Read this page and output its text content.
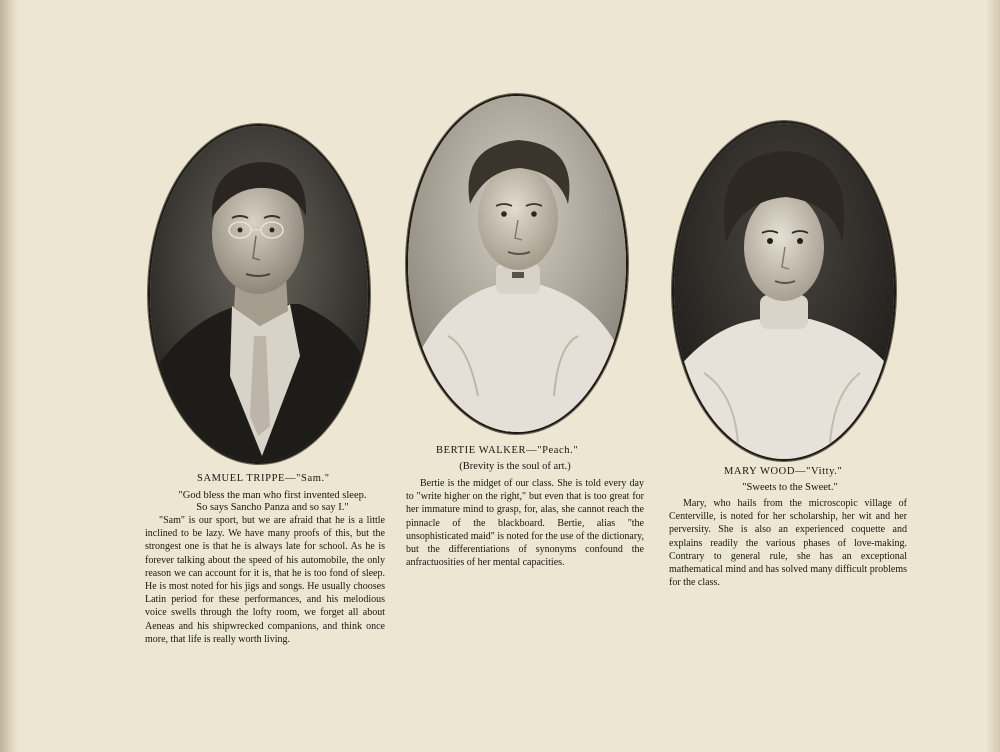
SAMUEL TRIPPE—"Sam."
"God bless the man who first invented sleep.
So says Sancho Panza and so say I."

"Sam" is our sport, but we are afraid that he is a little inclined to be lazy. We have many proofs of this, but the strongest one is that he is always late for school. As he is forever talking about the speed of his automobile, the only reason we can account for it is, that he is too fond of sleep. He is most noted for his jigs and songs. He usually chooses Latin period for these performances, and his melodious voice swells through the lofty room, we forget all about Aeneas and his shipwrecked companions, and think once more, that life is really worth living.

BERTIE WALKER—"Peach."
(Brevity is the soul of art.)

Bertie is the midget of our class. She is told every day to "write higher on the right," but even that is too great for her immature mind to grasp, for, alas, she cannot reach the pinnacle of the blackboard. Bertie, alias "the unsophisticated maid" is noted for the use of the dictionary, but the differentiations of synonyms confound the anfractuosities of her mental capacities.

MARY WOOD—"Vitty."
"Sweets to the Sweet."

Mary, who hails from the microscopic village of Centerville, is noted for her scholarship, her wit and her perversity. She is also an experienced coquette and explains readily the various phases of love-making. Contrary to general rule, she has an exceptional mathematical mind and has solved many difficult problems for the class.
